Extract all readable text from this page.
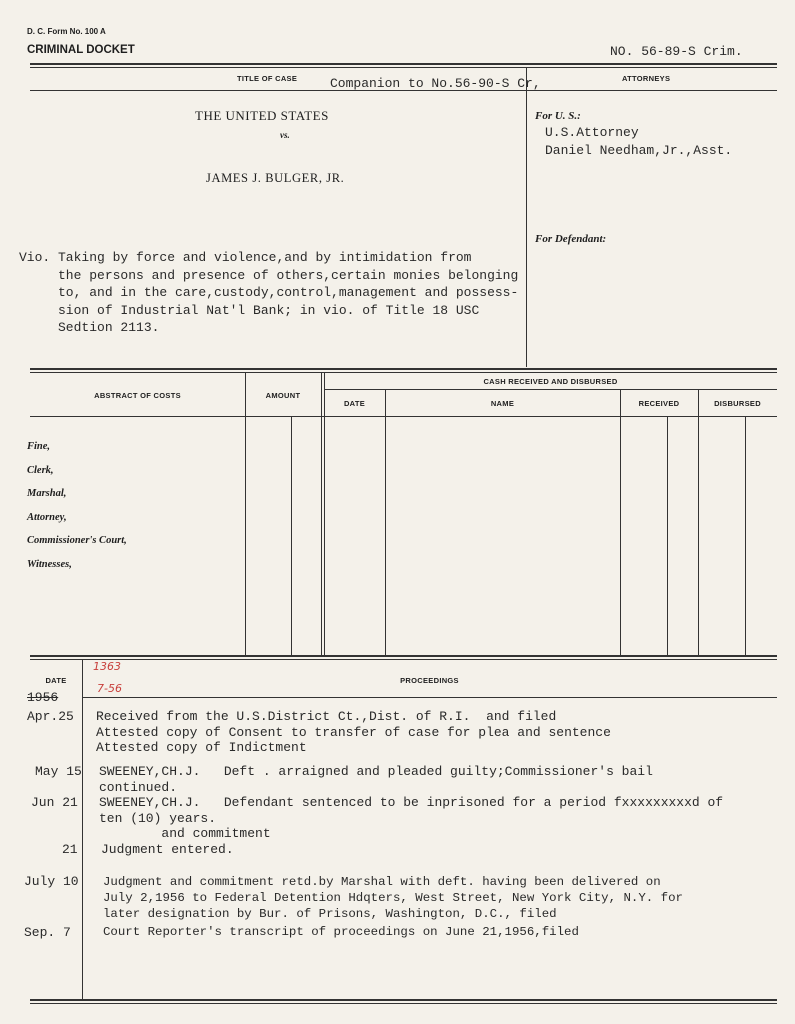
D. C. Form No. 100 A
CRIMINAL DOCKET	NO. 56-89-S Crim.
TITLE OF CASE	Companion to No.56-90-S Cr,	ATTORNEYS
THE UNITED STATES
vs.
JAMES J. BULGER, JR.
Vio. Taking by force and violence,and by intimidation from
the persons and presence of others,certain monies belonging
to, and in the care,custody,control,management and possess-
sion of Industrial Nat'l Bank; in vio. of Title 18 USC
Sedtion 2113.
For U. S.:
U.S.Attorney
Daniel Needham,Jr.,Asst.
For Defendant:
ABSTRACT OF COSTS	AMOUNT
CASH RECEIVED AND DISBURSED
DATE	NAME	RECEIVED	DISBURSED
Fine,
Clerk,
Marshal,
Attorney,
Commissioner's Court,
Witnesses,
DATE	PROCEEDINGS
1363
7-56
1956
Apr.25 Received from the U.S.District Ct.,Dist. of R.I.  and filed
Attested copy of Consent to transfer of case for plea and sentence
Attested copy of Indictment
May 15 SWEENEY,CH.J.   Deft . arraigned and pleaded guilty;Commissioner's bail
continued.
Jun 21 SWEENEY,CH.J.   Defendant sentenced to be inprisoned for a period fxxxxxxxxxd of
ten (10) years.
and commitment
21 Judgment entered.
July 10 Judgment and commitment retd.by Marshal with deft. having been delivered on
July 2,1956 to Federal Detention Hdqters, West Street, New York City, N.Y. for
later designation by Bur. of Prisons, Washington, D.C., filed
Sep. 7	Court Reporter's transcript of proceedings on June 21,1956,filed
